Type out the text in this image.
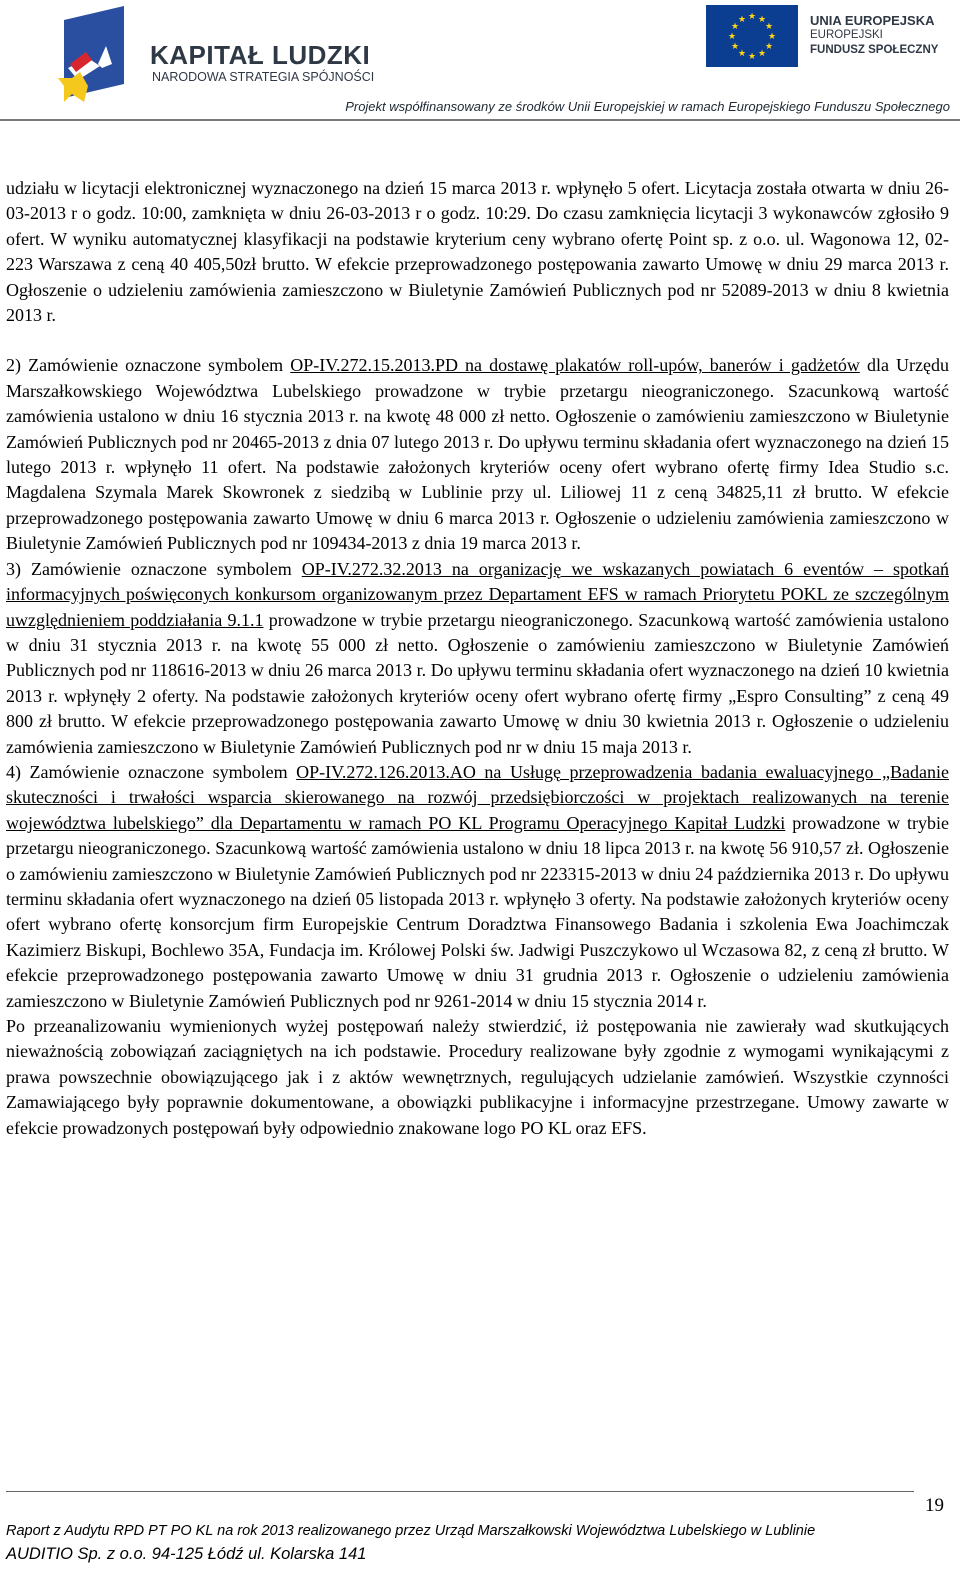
KAPITAŁ LUDZKI
NARODOWA STRATEGIA SPÓJNOŚCI
★ ★
★
★
★
★
★
★
★
★
★
★	UNIA EUROPEJSKA
EUROPEJSKI
FUNDUSZ SPOŁECZNY
Projekt współfinansowany ze środków Unii Europejskiej w ramach Europejskiego Funduszu Społecznego

udziału w licytacji elektronicznej wyznaczonego na dzień 15 marca 2013 r. wpłynęło 5 ofert. Licytacja została otwarta w dniu 26-03-2013 r o godz. 10:00, zamknięta w dniu 26-03-2013 r o godz. 10:29. Do czasu zamknięcia licytacji 3 wykonawców zgłosiło 9 ofert. W wyniku automatycznej klasyfikacji na podstawie kryterium ceny wybrano ofertę Point sp. z o.o. ul. Wagonowa 12, 02-223 Warszawa z ceną 40 405,50zł brutto. W efekcie przeprowadzonego postępowania zawarto Umowę w dniu 29 marca 2013 r. Ogłoszenie o udzieleniu zamówienia zamieszczono w Biuletynie Zamówień Publicznych pod nr 52089-2013 w dniu 8 kwietnia 2013 r.

2) Zamówienie oznaczone symbolem OP-IV.272.15.2013.PD na dostawę plakatów roll-upów, banerów i gadżetów dla Urzędu Marszałkowskiego Województwa Lubelskiego prowadzone w trybie przetargu nieograniczonego. Szacunkową wartość zamówienia ustalono w dniu 16 stycznia 2013 r. na kwotę 48 000 zł netto. Ogłoszenie o zamówieniu zamieszczono w Biuletynie Zamówień Publicznych pod nr 20465-2013 z dnia 07 lutego 2013 r. Do upływu terminu składania ofert wyznaczonego na dzień 15 lutego 2013 r. wpłynęło 11 ofert. Na podstawie założonych kryteriów oceny ofert wybrano ofertę firmy Idea Studio s.c. Magdalena Szymala Marek Skowronek z siedzibą w Lublinie przy ul. Liliowej 11 z ceną 34825,11 zł brutto. W efekcie przeprowadzonego postępowania zawarto Umowę w dniu 6 marca 2013 r. Ogłoszenie o udzieleniu zamówienia zamieszczono w Biuletynie Zamówień Publicznych pod nr 109434-2013 z dnia 19 marca 2013 r.

3) Zamówienie oznaczone symbolem OP-IV.272.32.2013 na organizację we wskazanych powiatach 6 eventów – spotkań informacyjnych poświęconych konkursom organizowanym przez Departament EFS w ramach Priorytetu POKL ze szczególnym uwzględnieniem poddziałania 9.1.1 prowadzone w trybie przetargu nieograniczonego. Szacunkową wartość zamówienia ustalono w dniu 31 stycznia 2013 r. na kwotę 55 000 zł netto. Ogłoszenie o zamówieniu zamieszczono w Biuletynie Zamówień Publicznych pod nr 118616-2013 w dniu 26 marca 2013 r. Do upływu terminu składania ofert wyznaczonego na dzień 10 kwietnia 2013 r. wpłynęły 2 oferty. Na podstawie założonych kryteriów oceny ofert wybrano ofertę firmy „Espro Consulting” z ceną 49 800 zł brutto. W efekcie przeprowadzonego postępowania zawarto Umowę w dniu 30 kwietnia 2013 r. Ogłoszenie o udzieleniu zamówienia zamieszczono w Biuletynie Zamówień Publicznych pod nr w dniu 15 maja 2013 r.

4) Zamówienie oznaczone symbolem OP-IV.272.126.2013.AO na Usługę przeprowadzenia badania ewaluacyjnego „Badanie skuteczności i trwałości wsparcia skierowanego na rozwój przedsiębiorczości w projektach realizowanych na terenie województwa lubelskiego” dla Departamentu w ramach PO KL Programu Operacyjnego Kapitał Ludzki prowadzone w trybie przetargu nieograniczonego. Szacunkową wartość zamówienia ustalono w dniu 18 lipca 2013 r. na kwotę 56 910,57 zł. Ogłoszenie o zamówieniu zamieszczono w Biuletynie Zamówień Publicznych pod nr 223315-2013 w dniu 24 października 2013 r. Do upływu terminu składania ofert wyznaczonego na dzień 05 listopada 2013 r. wpłynęło 3 oferty. Na podstawie założonych kryteriów oceny ofert wybrano ofertę konsorcjum firm Europejskie Centrum Doradztwa Finansowego Badania i szkolenia Ewa Joachimczak Kazimierz Biskupi, Bochlewo 35A, Fundacja im. Królowej Polski św. Jadwigi Puszczykowo ul Wczasowa 82, z ceną zł brutto. W efekcie przeprowadzonego postępowania zawarto Umowę w dniu 31 grudnia 2013 r. Ogłoszenie o udzieleniu zamówienia zamieszczono w Biuletynie Zamówień Publicznych pod nr 9261-2014 w dniu 15 stycznia 2014 r.

Po przeanalizowaniu wymienionych wyżej postępowań należy stwierdzić, iż postępowania nie zawierały wad skutkujących nieważnością zobowiązań zaciągniętych na ich podstawie. Procedury realizowane były zgodnie z wymogami wynikającymi z prawa powszechnie obowiązującego jak i z aktów wewnętrznych, regulujących udzielanie zamówień. Wszystkie czynności Zamawiającego były poprawnie dokumentowane, a obowiązki publikacyjne i informacyjne przestrzegane. Umowy zawarte w efekcie prowadzonych postępowań były odpowiednio znakowane logo PO KL oraz EFS.

19
Raport z Audytu RPD PT PO KL na rok 2013 realizowanego przez Urząd Marszałkowski Województwa Lubelskiego w Lublinie
AUDITIO Sp. z o.o. 94-125 Łódź ul. Kolarska 141
